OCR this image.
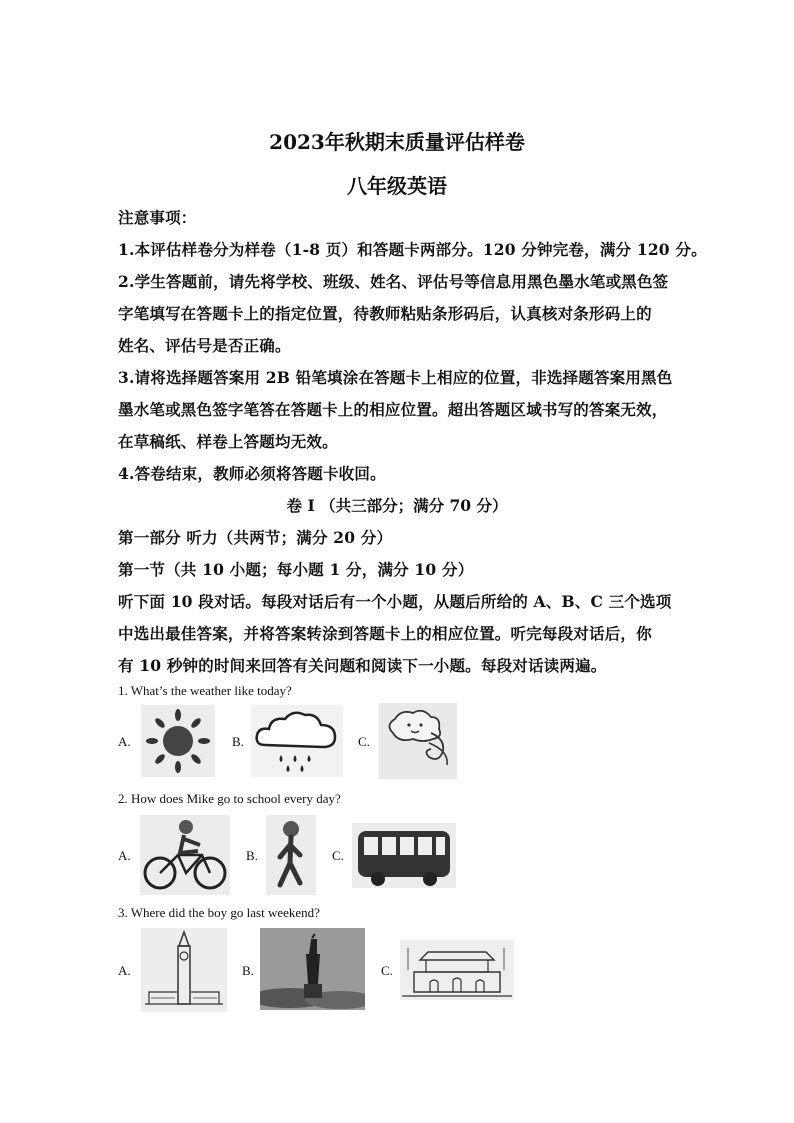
2023年秋期末质量评估样卷
八年级英语
注意事项：
1.本评估样卷分为样卷（1-8 页）和答题卡两部分。120 分钟完卷，满分 120 分。
2.学生答题前，请先将学校、班级、姓名、评估号等信息用黑色墨水笔或黑色签
字笔填写在答题卡上的指定位置，待教师粘贴条形码后，认真核对条形码上的
姓名、评估号是否正确。
3.请将选择题答案用 2B 铅笔填涂在答题卡上相应的位置，非选择题答案用黑色
墨水笔或黑色签字笔答在答题卡上的相应位置。超出答题区域书写的答案无效，
在草稿纸、样卷上答题均无效。
4.答卷结束，教师必须将答题卡收回。
卷 I （共三部分；满分 70 分）
第一部分 听力（共两节；满分 20 分）
第一节（共 10 小题；每小题 1 分，满分 10 分）
听下面 10 段对话。每段对话后有一个小题，从题后所给的 A、B、C 三个选项
中选出最佳答案，并将答案转涂到答题卡上的相应位置。听完每段对话后，你
有 10 秒钟的时间来回答有关问题和阅读下一小题。每段对话读两遍。
1. What’s the weather like today?
A.	B.	C.
2. How does Mike go to school every day?
A.	B.	C.
3. Where did the boy go last weekend?
A.	B.	C.
